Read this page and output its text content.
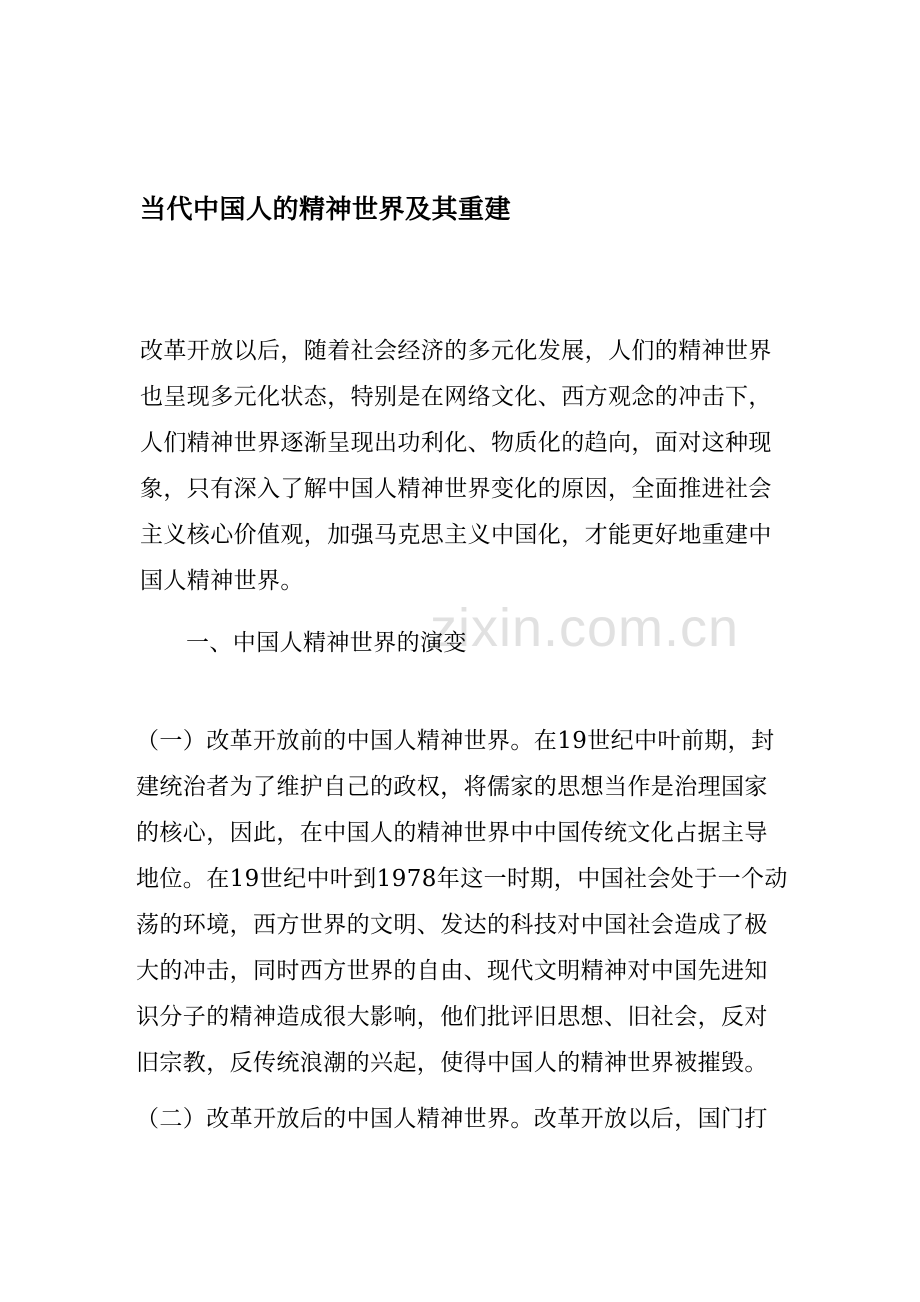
当代中国人的精神世界及其重建
改革开放以后，随着社会经济的多元化发展，人们的精神世界
也呈现多元化状态，特别是在网络文化、西方观念的冲击下，
人们精神世界逐渐呈现出功利化、物质化的趋向，面对这种现
象，只有深入了解中国人精神世界变化的原因，全面推进社会
主义核心价值观，加强马克思主义中国化，才能更好地重建中
国人精神世界。
zixin.com.cn
一、中国人精神世界的演变
（一）改革开放前的中国人精神世界。在19世纪中叶前期，封
建统治者为了维护自己的政权，将儒家的思想当作是治理国家
的核心，因此，在中国人的精神世界中中国传统文化占据主导
地位。在19世纪中叶到1978年这一时期，中国社会处于一个动
荡的环境，西方世界的文明、发达的科技对中国社会造成了极
大的冲击，同时西方世界的自由、现代文明精神对中国先进知
识分子的精神造成很大影响，他们批评旧思想、旧社会，反对
旧宗教，反传统浪潮的兴起，使得中国人的精神世界被摧毁。
（二）改革开放后的中国人精神世界。改革开放以后，国门打
